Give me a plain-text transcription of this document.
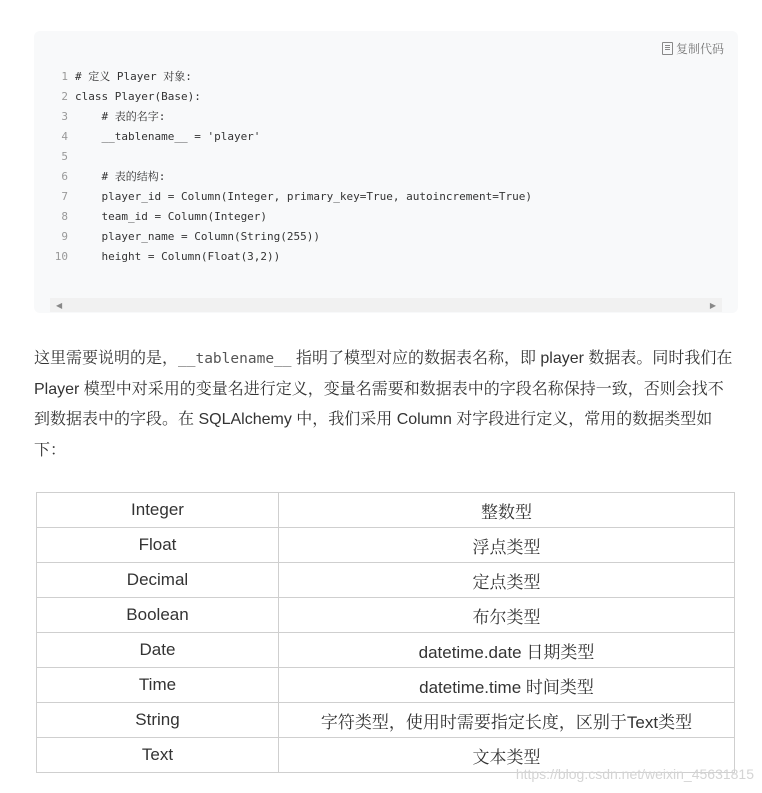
复制代码
1 # 定义 Player 对象:
2 class Player(Base):
3 # 表的名字:
4 __tablename__ = 'player'
5
6 # 表的结构:
7 player_id = Column(Integer, primary_key=True, autoincrement=True)
8 team_id = Column(Integer)
9 player_name = Column(String(255))
10 height = Column(Float(3,2))
◀	▶
这里需要说明的是，__tablename__ 指明了模型对应的数据表名称，即 player 数据表。同时我们在 Player 模型中对采用的变量名进行定义，变量名需要和数据表中的字段名称保持一致，否则会找不到数据表中的字段。在 SQLAlchemy 中，我们采用 Column 对字段进行定义，常用的数据类型如下：
Integer	整数型
Float	浮点类型
Decimal	定点类型
Boolean	布尔类型
Date	datetime.date 日期类型
Time	datetime.time 时间类型
String	字符类型，使用时需要指定长度，区别于Text类型
Text	文本类型
https://blog.csdn.net/weixin_45631815
